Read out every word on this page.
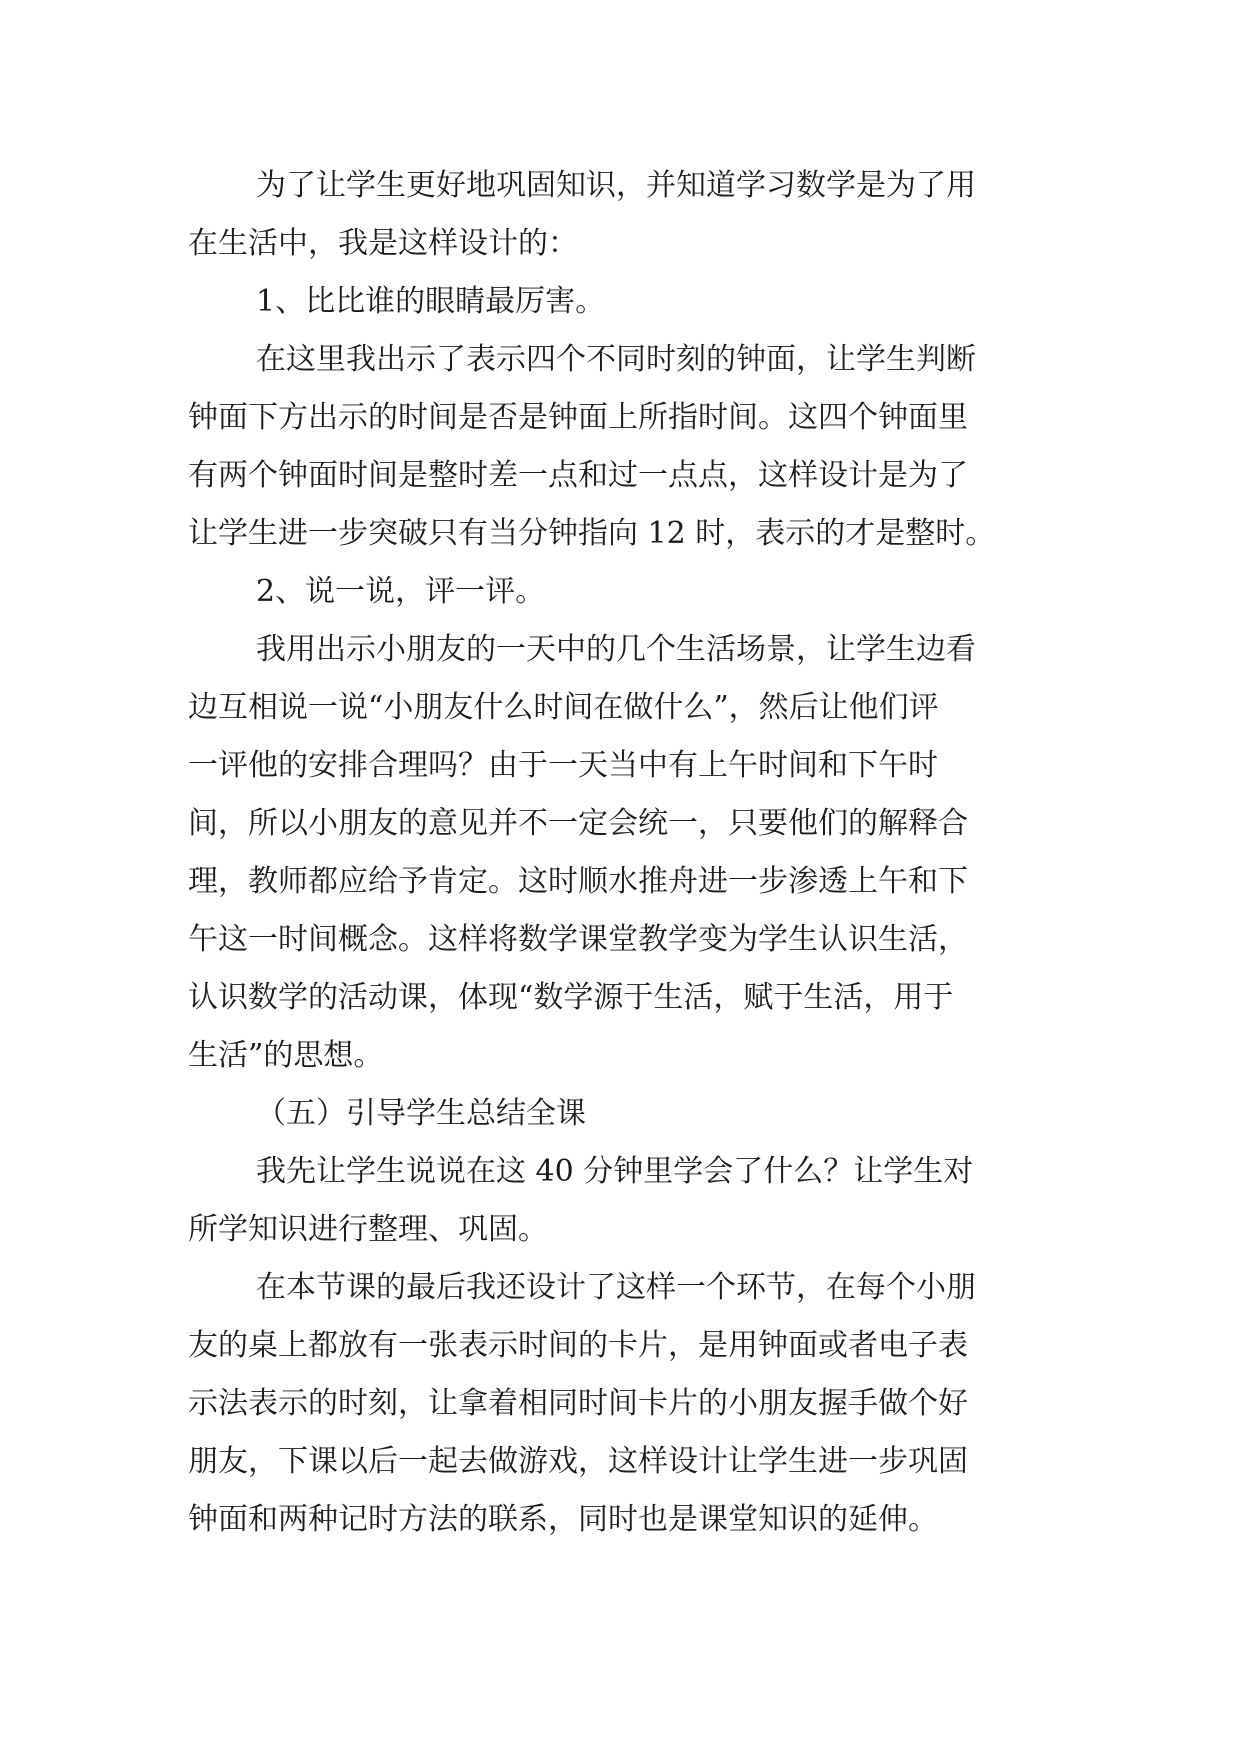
为了让学生更好地巩固知识，并知道学习数学是为了用

在生活中，我是这样设计的：

1、比比谁的眼睛最厉害。

在这里我出示了表示四个不同时刻的钟面，让学生判断

钟面下方出示的时间是否是钟面上所指时间。这四个钟面里

有两个钟面时间是整时差一点和过一点点，这样设计是为了

让学生进一步突破只有当分钟指向 12 时，表示的才是整时。

2、说一说，评一评。

我用出示小朋友的一天中的几个生活场景，让学生边看

边互相说一说“小朋友什么时间在做什么”，然后让他们评

一评他的安排合理吗？由于一天当中有上午时间和下午时

间，所以小朋友的意见并不一定会统一，只要他们的解释合

理，教师都应给予肯定。这时顺水推舟进一步渗透上午和下

午这一时间概念。这样将数学课堂教学变为学生认识生活，

认识数学的活动课，体现“数学源于生活，赋于生活，用于

生活”的思想。

（五）引导学生总结全课

我先让学生说说在这 40 分钟里学会了什么？让学生对

所学知识进行整理、巩固。

在本节课的最后我还设计了这样一个环节，在每个小朋

友的桌上都放有一张表示时间的卡片，是用钟面或者电子表

示法表示的时刻，让拿着相同时间卡片的小朋友握手做个好

朋友，下课以后一起去做游戏，这样设计让学生进一步巩固

钟面和两种记时方法的联系，同时也是课堂知识的延伸。
